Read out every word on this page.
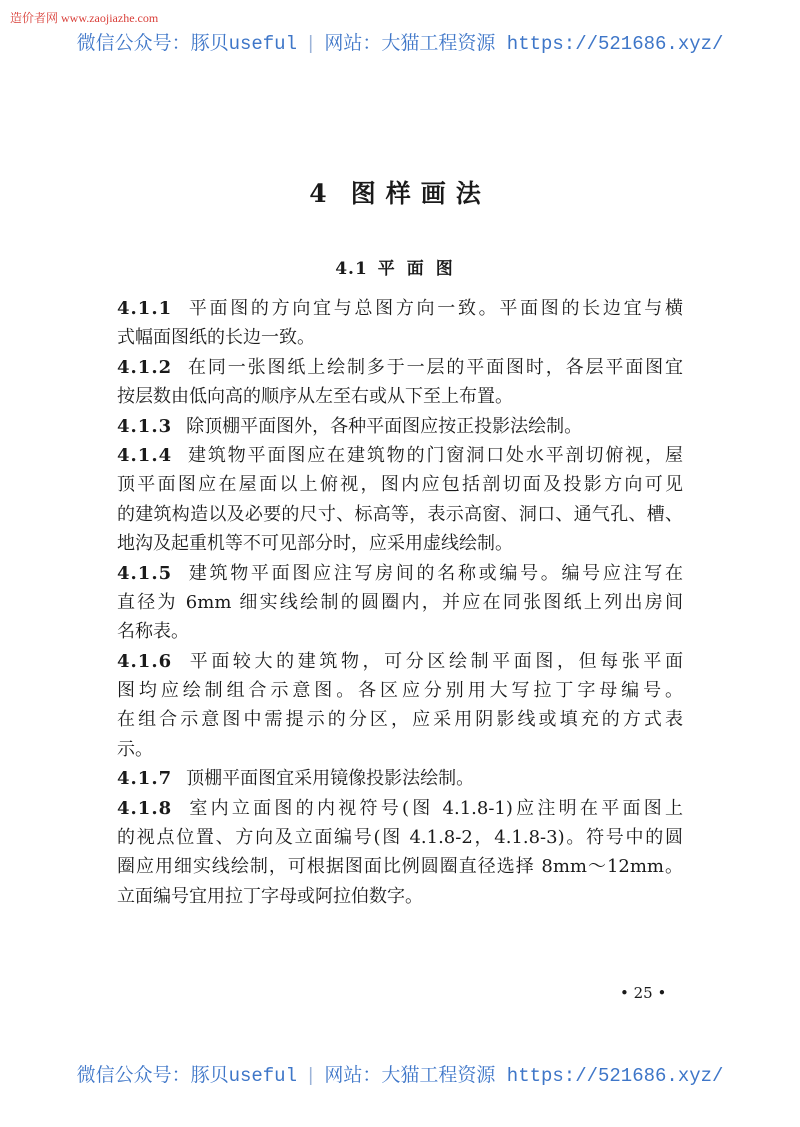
造价者网 www.zaojiazhe.com
微信公众号：豚贝useful | 网站：大猫工程资源 https://521686.xyz/
4 图样画法
4.1 平面图
4.1.1 平面图的方向宜与总图方向一致。平面图的长边宜与横
式幅面图纸的长边一致。
4.1.2 在同一张图纸上绘制多于一层的平面图时，各层平面图宜
按层数由低向高的顺序从左至右或从下至上布置。
4.1.3 除顶棚平面图外，各种平面图应按正投影法绘制。
4.1.4 建筑物平面图应在建筑物的门窗洞口处水平剖切俯视，屋
顶平面图应在屋面以上俯视，图内应包括剖切面及投影方向可见
的建筑构造以及必要的尺寸、标高等，表示高窗、洞口、通气孔、槽、
地沟及起重机等不可见部分时，应采用虚线绘制。
4.1.5 建筑物平面图应注写房间的名称或编号。编号应注写在
直径为 6mm 细实线绘制的圆圈内，并应在同张图纸上列出房间
名称表。
4.1.6 平面较大的建筑物，可分区绘制平面图，但每张平面
图均应绘制组合示意图。各区应分别用大写拉丁字母编号。
在组合示意图中需提示的分区，应采用阴影线或填充的方式表
示。
4.1.7 顶棚平面图宜采用镜像投影法绘制。
4.1.8 室内立面图的内视符号(图 4.1.8-1)应注明在平面图上
的视点位置、方向及立面编号(图 4.1.8-2，4.1.8-3)。符号中的圆
圈应用细实线绘制，可根据图面比例圆圈直径选择 8mm～12mm。
立面编号宜用拉丁字母或阿拉伯数字。
• 25 •
微信公众号：豚贝useful | 网站：大猫工程资源 https://521686.xyz/
